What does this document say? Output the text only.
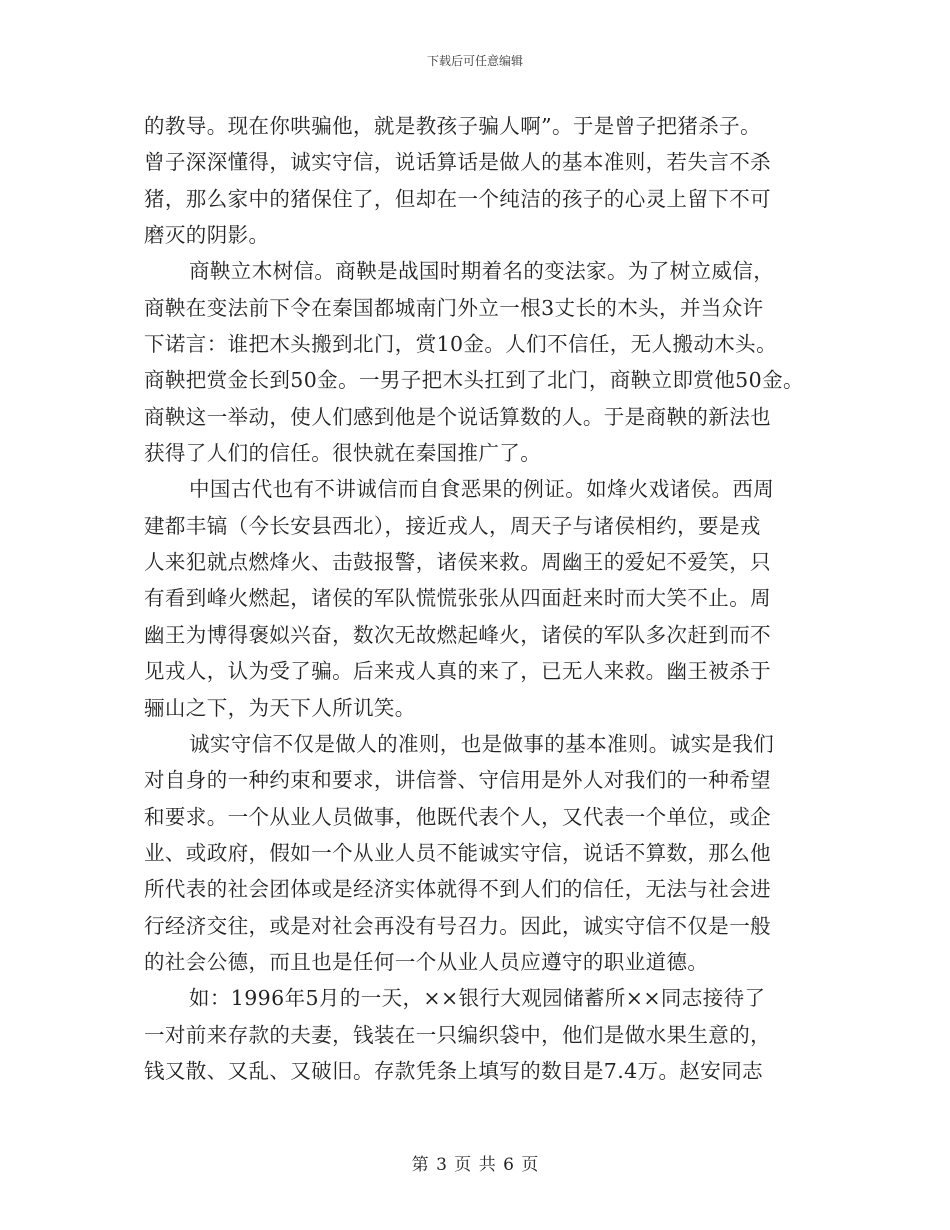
下载后可任意编辑
的教导。现在你哄骗他，就是教孩子骗人啊”。于是曾子把猪杀子。
曾子深深懂得，诚实守信，说话算话是做人的基本准则，若失言不杀
猪，那么家中的猪保住了，但却在一个纯洁的孩子的心灵上留下不可
磨灭的阴影。
商鞅立木树信。商鞅是战国时期着名的变法家。为了树立威信，
商鞅在变法前下令在秦国都城南门外立一根3丈长的木头，并当众许
下诺言：谁把木头搬到北门，赏10金。人们不信任，无人搬动木头。
商鞅把赏金长到50金。一男子把木头扛到了北门，商鞅立即赏他50金。
商鞅这一举动，使人们感到他是个说话算数的人。于是商鞅的新法也
获得了人们的信任。很快就在秦国推广了。
中国古代也有不讲诚信而自食恶果的例证。如烽火戏诸侯。西周
建都丰镐（今长安县西北），接近戎人，周天子与诸侯相约，要是戎
人来犯就点燃烽火、击鼓报警，诸侯来救。周幽王的爱妃不爱笑，只
有看到峰火燃起，诸侯的军队慌慌张张从四面赶来时而大笑不止。周
幽王为博得褒姒兴奋，数次无故燃起峰火，诸侯的军队多次赶到而不
见戎人，认为受了骗。后来戎人真的来了，已无人来救。幽王被杀于
骊山之下，为天下人所讥笑。
诚实守信不仅是做人的准则，也是做事的基本准则。诚实是我们
对自身的一种约束和要求，讲信誉、守信用是外人对我们的一种希望
和要求。一个从业人员做事，他既代表个人，又代表一个单位，或企
业、或政府，假如一个从业人员不能诚实守信，说话不算数，那么他
所代表的社会团体或是经济实体就得不到人们的信任，无法与社会进
行经济交往，或是对社会再没有号召力。因此，诚实守信不仅是一般
的社会公德，而且也是任何一个从业人员应遵守的职业道德。
如：1996年5月的一天，××银行大观园储蓄所××同志接待了
一对前来存款的夫妻，钱装在一只编织袋中，他们是做水果生意的，
钱又散、又乱、又破旧。存款凭条上填写的数目是7.4万。赵安同志
第 3 页 共 6 页
